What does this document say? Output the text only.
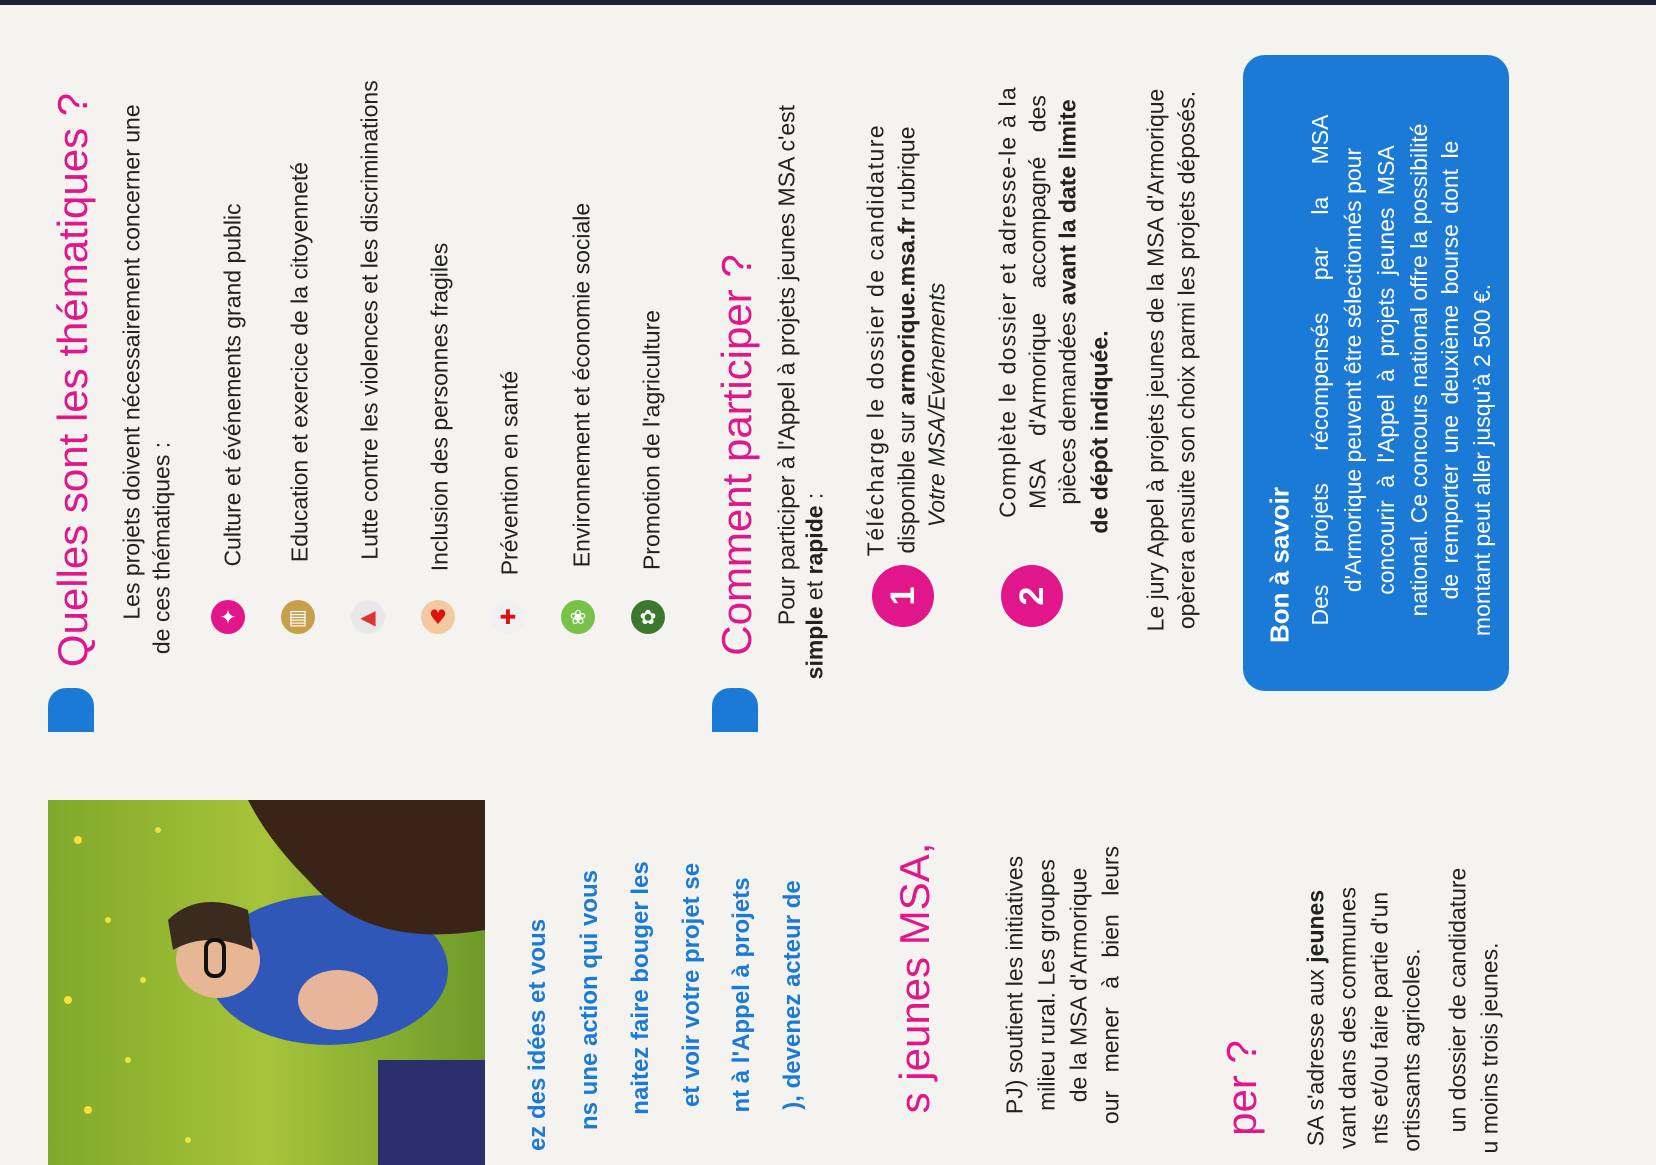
Quelles sont les thématiques ? Les projets doivent nécessairement concerner une de ces thématiques :	✦	▤	◀	♥	✚	❀	✿
Culture et événements grand public Education et exercice de la citoyenneté Lutte contre les violences et les discriminations Inclusion des personnes fragiles Prévention en santé Environnement et économie sociale Promotion de l'agriculture Comment participer ? Pour participer à l'Appel à projets jeunes MSA c'est
simple et rapide :
1
Télécharge le dossier de candidature disponible sur armorique.msa.fr rubrique
Votre MSA/Evénements
2
Complète le dossier et adresse-le à la MSA d'Armorique accompagné des pièces demandées avant la date limite
de dépôt indiquée. Le jury Appel à projets jeunes de la MSA d'Armorique opèrera ensuite son choix parmi les projets déposés.	Bon à savoir Des projets récompensés par la MSA d'Armorique peuvent être sélectionnés pour concourir à l'Appel à projets jeunes MSA national. Ce concours national offre la possibilité de remporter une deuxième bourse dont le montant peut aller jusqu'à 2 500 €.
ez des idées et vous ns une action qui vous naitez faire bouger les et voir votre projet se nt à l'Appel à projets ), devenez acteur de s jeunes MSA,	PJ) soutient les initiatives milieu rural. Les groupes de la MSA d'Armorique our mener à bien leurs per ? SA s'adresse aux jeunes vant dans des communes nts et/ou faire partie d'un ortissants agricoles. un dossier de candidature u moins trois jeunes.
